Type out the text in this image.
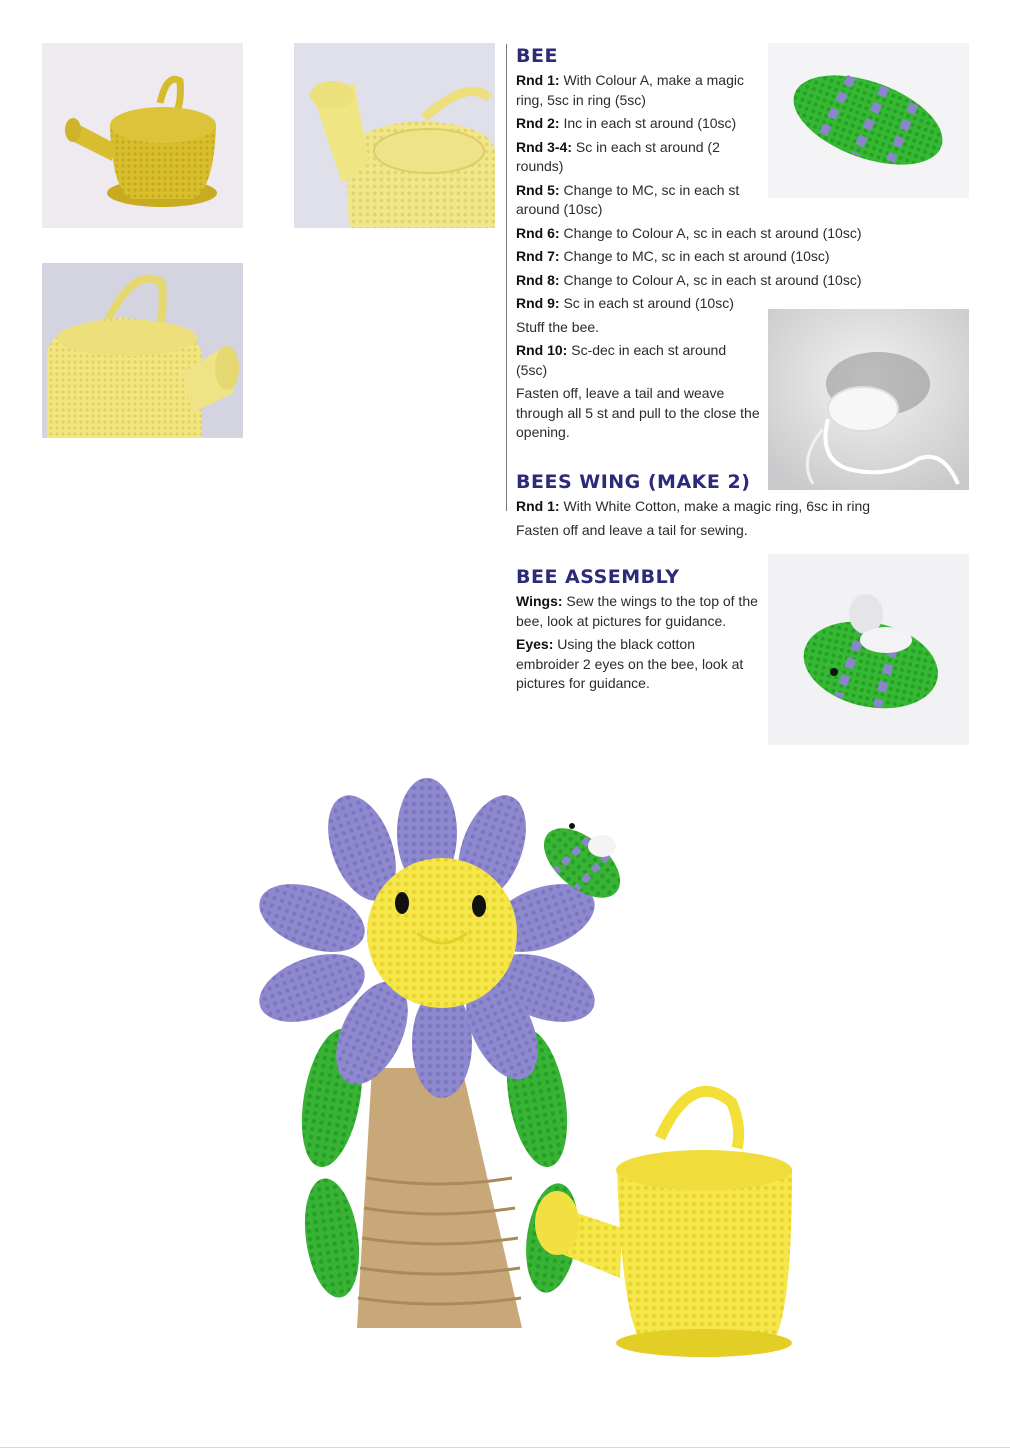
BEE

Rnd 1: With Colour A, make a magic ring, 5sc in ring (5sc)

Rnd 2: Inc in each st around (10sc)

Rnd 3-4: Sc in each st around (2 rounds)

Rnd 5: Change to MC, sc in each st around (10sc)

Rnd 6: Change to Colour A, sc in each st around (10sc)

Rnd 7: Change to MC, sc in each st around (10sc)

Rnd 8: Change to Colour A, sc in each st around (10sc)

Rnd 9: Sc in each st around (10sc)

Stuff the bee.

Rnd 10: Sc-dec in each st around (5sc)

Fasten off, leave a tail and weave through all 5 st and pull to the close the opening.

BEES WING (MAKE 2)

Rnd 1: With White Cotton, make a magic ring, 6sc in ring

Fasten off and leave a tail for sewing.

BEE ASSEMBLY

Wings: Sew the wings to the top of the bee, look at pictures for guidance.

Eyes: Using the black cotton embroider 2 eyes on the bee, look at pictures for guidance.
